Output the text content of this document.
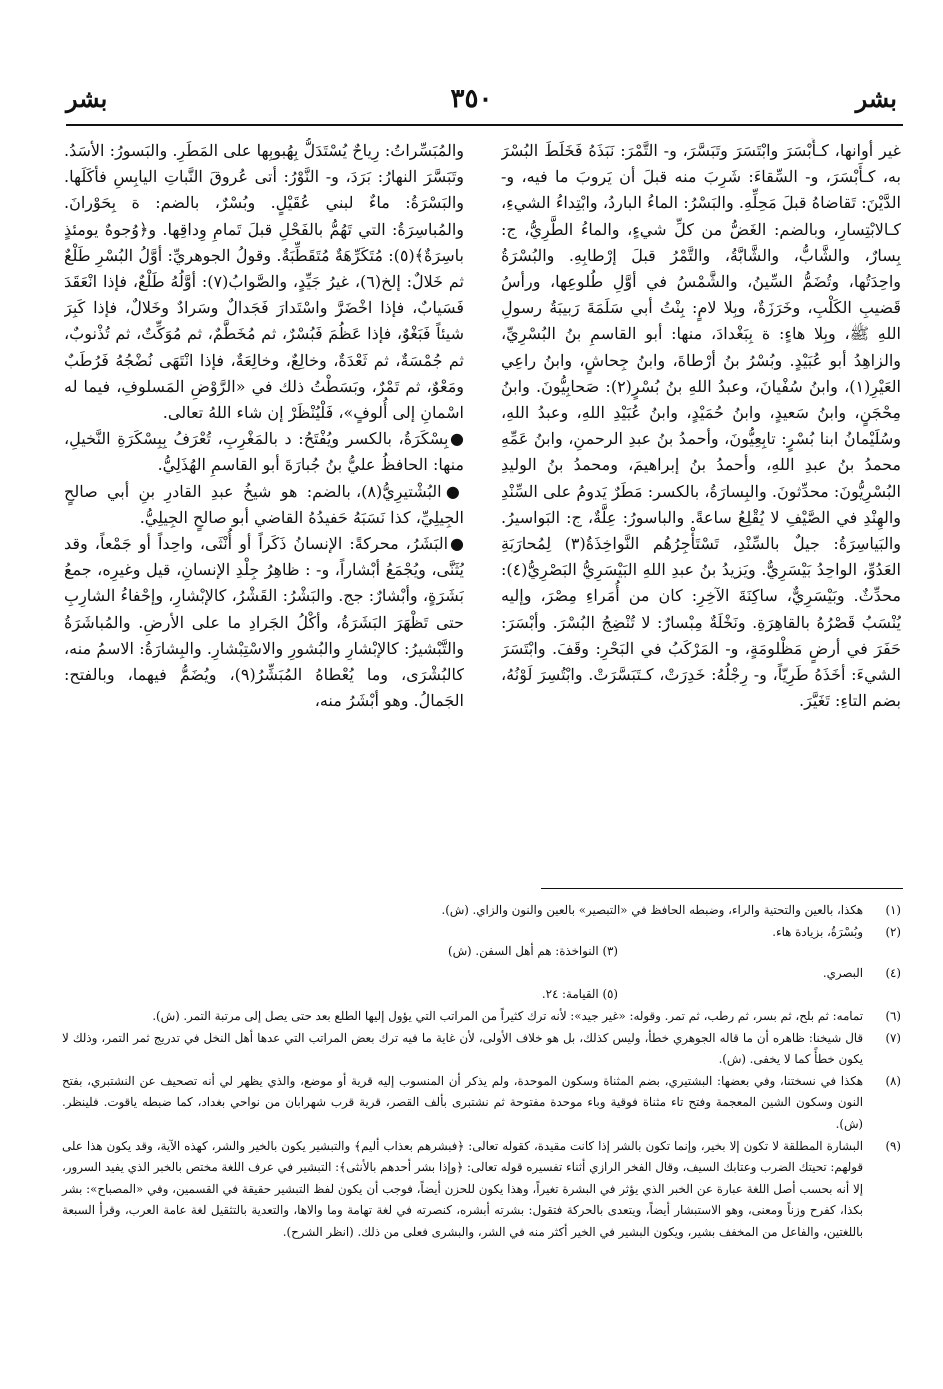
بشر
٣٥٠
بشر

غير أوانها، كـأَبْسَرَ وابْتَسَرَ وتَبَسَّرَ، و- التَّمْرَ: نَبَذَهُ فَخَلَطَ البُسْرَ به، كـأَبْسَرَ، و- السِّقاءَ: شَرِبَ منه قبلَ أن يَروبَ ما فيه، و- الدَّيْنَ: تَقاضاهُ قبلَ مَحِلِّهِ. والبَسْرُ: الماءُ الباردُ، وابْتِداءُ الشيءِ، كـالابْتِسارِ، وبالضم: الغَضُّ من كلِّ شيءٍ، والماءُ الطَّرِيُّ، ج: بِسارٌ، والشَّابُّ، والشَّابَّةُ، والتَّمْرُ قبلَ إرْطابِهِ. والبُسْرَةُ واحِدَتُها، وتُضَمُّ السِّينُ، والشَّمْسُ في أوَّلِ طُلوعِها، ورأسُ قَضيبِ الكَلْبِ، وخَرَزَةٌ، وبِلا لامٍ: بِنْتُ أبي سَلَمَةَ رَبيبَةُ رسولِ اللهِ ﷺ، وبِلا هاءٍ: ة بِبَغْدادَ، منها: أبو القاسمِ بنُ البُسْرِيِّ، والزاهِدُ أبو عُبَيْدٍ. وبُسْرُ بنُ أرْطاةَ، وابنُ جِحاشٍ، وابنُ راعِي العَيْرِ(١)، وابنُ سُفْيانَ، وعبدُ اللهِ بنُ بُسْرٍ(٢): صَحابِيُّونَ. وابنُ مِحْجَنٍ، وابنُ سَعيدٍ، وابنُ حُمَيْدٍ، وابنُ عُبَيْدِ اللهِ، وعبدُ اللهِ، وسُلَيْمانُ ابنا بُسْرٍ: تابِعِيُّونَ، وأحمدُ بنُ عبدِ الرحمنِ، وابنُ عَمِّهِ محمدُ بنُ عبدِ اللهِ، وأحمدُ بنُ إبراهيمَ، ومحمدُ بنُ الوليدِ البُسْرِيُّونَ: محدِّثونَ. والبِسارَةُ، بالكسر: مَطَرٌ يَدومُ على السِّنْدِ والهِنْدِ في الصَّيْفِ لا يُقْلِعُ ساعةً. والباسورُ: عِلَّةٌ، ج: البَواسيرُ. والبَياسِرَةُ: جيلٌ بالسِّنْدِ، تَسْتَأْجِرُهُم النَّواخِذَةُ(٣) لِمُحارَبَةِ العَدُوِّ، الواحِدُ بَيْسَرِيٌّ. ويَزيدُ بنُ عبدِ اللهِ البَيْسَرِيُّ البَصْرِيُّ(٤): محدِّثٌ. وبَيْسَرِيٌّ، ساكِنَةَ الآخِرِ: كان من أُمَراءِ مِصْرَ، وإليه يُنْسَبُ قَصْرُهُ بالقاهِرَةِ. ونَخْلَةٌ مِبْسارٌ: لا تُنْضِجُ البُسْرَ. وأبْسَرَ: حَفَرَ في أرضٍ مَظْلومَةٍ، و- المَرْكَبُ في البَحْرِ: وقَفَ. وابْتَسَرَ الشيءَ: أخَذَهُ طَرِيّاً، و- رِجْلُهُ: خَدِرَتْ، كـتَبَسَّرَتْ. وابْتُسِرَ لَوْنُهُ، بضم التاءِ: تَغَيَّرَ.

والمُبَسِّراتُ: رِياحٌ يُسْتَدَلُّ بِهُبوبِها على المَطَرِ. والبَسورُ: الأسَدُ. وتَبَسَّرَ النهارُ: بَرَدَ، و- النَّوْرُ: أتى عُروقَ النَّباتِ اليابِسِ فأكَلَها. والبَسْرَةُ: ماءٌ لبني عُقَيْلٍ. وبُسْرٌ، بالضم: ة بِحَوْرانَ. والمُباسِرَةُ: التي تَهُمُّ بالفَحْلِ قبلَ تَمامِ وِداقِها. و﴿وُجوهٌ يومئذٍ باسِرَةٌ﴾(٥): مُتَكَرِّهَةٌ مُتَقَطِّبَةٌ. وقولُ الجوهريِّ: أوَّلُ البُسْرِ طَلْعٌ ثم خَلالٌ: إلخ(٦)، غيرُ جَيِّدٍ، والصَّوابُ(٧): أوَّلُهُ طَلْعٌ، فإذا انْعَقَدَ فَسَيابٌ، فإذا اخْضَرَّ واسْتَدارَ فَجَدالٌ وسَرادٌ وخَلالٌ، فإذا كَبِرَ شيئاً فَبَغْوٌ، فإذا عَظُمَ فَبُسْرٌ، ثم مُخَطَّمٌ، ثم مُوَكِّتٌ، ثم تُذْنوبٌ، ثم جُمْسَةٌ، ثم ثَعْدَةٌ، وخالِعٌ، وخالِعَةٌ، فإذا انْتَهَى نُضْجُهُ فَرُطَبٌ ومَعْوٌ، ثم تَمْرٌ، وبَسَطْتُ ذلك في «الرَّوْضِ المَسلوفِ، فيما له اسْمانِ إلى أُلوفٍ»، فَلْيُنْظَرْ إن شاء اللهُ تعالى.

●بِسْكَرَةُ، بالكسر ويُفْتَحُ: د بالمَغْرِبِ، تُعْرَفُ بِبِسْكَرَةِ النَّخيلِ، منها: الحافظُ عليُّ بنُ جُبارَةَ أبو القاسمِ الهُذَلِيُّ.

●البُشْتيرِيُّ(٨)، بالضم: هو شيخُ عبدِ القادرِ بنِ أبي صالحٍ الجِيلِيِّ، كذا نَسَبَهُ حَفيدُهُ القاضي أبو صالحٍ الجِيلِيُّ.

●البَشَرُ، محركةً: الإنسانُ ذَكَراً أو أُنْثَى، واحِداً أو جَمْعاً، وقد يُثَنَّى، ويُجْمَعُ أبْشاراً، و- : ظاهِرُ جِلْدِ الإنسانِ، قيل وغيرِه، جمعُ بَشَرَةٍ، وأبْشارٌ: جج. والبَشْرُ: القَشْرُ، كالإبْشارِ، وإحْفاءُ الشارِبِ حتى تَظْهَرَ البَشَرَةُ، وأكْلُ الجَرادِ ما على الأرضِ. والمُباشَرَةُ والتَّبْشيرُ: كالإبْشارِ والبُشورِ والاسْتِبْشارِ. والبِشارَةُ: الاسمُ منه، كالبُشْرَى، وما يُعْطاهُ المُبَشِّرُ(٩)، ويُضَمُّ فيهما، وبالفتح: الجَمالُ. وهو أبْشَرُ منه،

(١)
هكذا، بالعين والتحتية والراء، وضبطه الحافظ في «التبصير» بالعين والنون والزاي. (ش).
(٢)
وبُسْرَةُ، بزيادة هاء.
(٣) النواخذة: هم أهل السفن. (ش)
(٤)
البصري.
(٥) القيامة: ٢٤.
(٦)
تمامه: ثم بلح، ثم بسر، ثم رطب، ثم تمر. وقوله: «غير جيد»: لأنه ترك كثيراً من المراتب التي يؤول إليها الطلع بعد حتى يصل إلى مرتبة التمر. (ش).
(٧)
قال شيخنا: ظاهره أن ما قاله الجوهري خطأ، وليس كذلك، بل هو خلاف الأولى، لأن غاية ما فيه ترك بعض المراتب التي عدها أهل النخل في تدريج ثمر التمر، وذلك لا يكون خطأً كما لا يخفى. (ش).
(٨)
هكذا في نسختنا، وفي بعضها: البشتيري، بضم المثناة وسكون الموحدة، ولم يذكر أن المنسوب إليه قرية أو موضع، والذي يظهر لي أنه تصحيف عن النشتبري، بفتح النون وسكون الشين المعجمة وفتح تاء مثناة فوقية وباء موحدة مفتوحة ثم نشتبرى بألف القصر، قرية قرب شهرابان من نواحي بغداد، كما ضبطه ياقوت. فلينظر. (ش).
(٩)
البشارة المطلقة لا تكون إلا بخير، وإنما تكون بالشر إذا كانت مقيدة، كقوله تعالى: ﴿فبشرهم بعذاب أليم﴾ والتبشير يكون بالخير والشر، كهذه الآية، وقد يكون هذا على قولهم: تحيتك الضرب وعتابك السيف، وقال الفخر الرازي أثناء تفسيره قوله تعالى: ﴿وإذا بشر أحدهم بالأنثى﴾: التبشير في عرف اللغة مختص بالخبر الذي يفيد السرور، إلا أنه بحسب أصل اللغة عبارة عن الخبر الذي يؤثر في البشرة تغيراً، وهذا يكون للحزن أيضاً، فوجب أن يكون لفظ التبشير حقيقة في القسمين، وفي «المصباح»: بشر بكذا، كفرح وزناً ومعنى، وهو الاستبشار أيضاً، ويتعدى بالحركة فتقول: بشرته أبشره، كنصرته في لغة تهامة وما والاها، والتعدية بالتثقيل لغة عامة العرب، وقرأ السبعة باللغتين، والفاعل من المخفف بشير، ويكون البشير في الخير أكثر منه في الشر، والبشرى فعلى من ذلك. (انظر الشرح).
